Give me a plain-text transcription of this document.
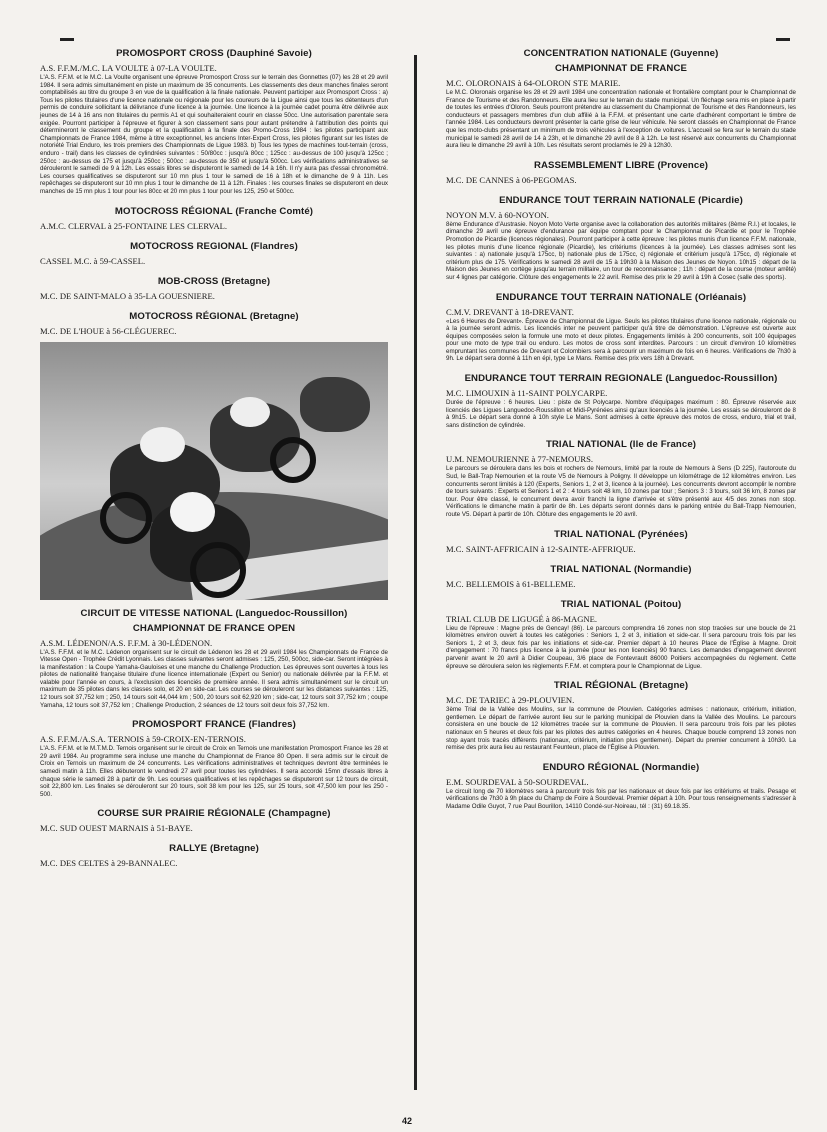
PROMOSPORT CROSS (Dauphiné Savoie)

A.S. F.F.M./M.C. LA VOULTE à 07-LA VOULTE.

L'A.S. F.F.M. et le M.C. La Voulte organisent une épreuve Promosport Cross sur le terrain des Gonnettes (07) les 28 et 29 avril 1984. Il sera admis simultanément en piste un maximum de 35 concurrents. Les classements des deux manches finales seront comptabilisés au titre du groupe 3 en vue de la qualification à la finale nationale. Peuvent participer aux Promosport Cross : a) Tous les pilotes titulaires d'une licence nationale ou régionale pour les coureurs de la Ligue ainsi que tous les détenteurs d'un permis de conduire sollicitant la délivrance d'une licence à la journée. Une licence à la journée cadet pourra être délivrée aux jeunes de 14 à 16 ans non titulaires du permis A1 et qui souhaiteraient courir en classe 50cc. Une autorisation parentale sera exigée. Pourront participer à l'épreuve et figurer à son classement sans pour autant prétendre à l'attribution des points qui détermineront le classement du groupe et la qualification à la finale des Promo-Cross 1984 : les pilotes participant aux Championnats de France 1984, même à titre exceptionnel, les anciens Inter-Expert Cross, les pilotes figurant sur les listes de notoriété Trial Enduro, les trois premiers des Championnats de Ligue 1983. b) Tous les types de machines tout-terrain (cross, enduro - trail) dans les classes de cylindrées suivantes : 50/80cc : jusqu'à 80cc ; 125cc : au-dessus de 100 jusqu'à 125cc ; 250cc : au-dessus de 175 et jusqu'à 250cc ; 500cc : au-dessus de 350 et jusqu'à 500cc. Les vérifications administratives se dérouleront le samedi de 9 à 12h. Les essais libres se disputeront le samedi de 14 à 16h. Il n'y aura pas d'essai chronométré. Les courses qualificatives se disputeront sur 10 mn plus 1 tour le samedi de 16 à 18h et le dimanche de 9 à 11h. Les repêchages se disputeront sur 10 mn plus 1 tour le dimanche de 11 à 12h. Finales : les courses finales se disputeront en deux manches de 15 mn plus 1 tour pour les 80cc et 20 mn plus 1 tour pour les 125, 250 et 500cc.

MOTOCROSS RÉGIONAL (Franche Comté)

A.M.C. CLERVAL à 25-FONTAINE LES CLERVAL.

MOTOCROSS REGIONAL (Flandres)

CASSEL M.C. à 59-CASSEL.

MOB-CROSS (Bretagne)

M.C. DE SAINT-MALO à 35-LA GOUESNIERE.

MOTOCROSS RÉGIONAL (Bretagne)

M.C. DE L'HOUE à 56-CLÉGUEREC.

CIRCUIT DE VITESSE NATIONAL (Languedoc-Roussillon)
CHAMPIONNAT DE FRANCE OPEN

A.S.M. LÉDENON/A.S. F.F.M. à 30-LÉDENON.

L'A.S. F.F.M. et le M.C. Lédenon organisent sur le circuit de Lédenon les 28 et 29 avril 1984 les Championnats de France de Vitesse Open - Trophée Crédit Lyonnais. Les classes suivantes seront admises : 125, 250, 500cc, side-car. Seront intégrées à la manifestation : la Coupe Yamaha-Gauloises et une manche du Challenge Production. Les épreuves sont ouvertes à tous les pilotes de nationalité française titulaire d'une licence internationale (Expert ou Senior) ou nationale délivrée par la F.F.M. et valable pour l'année en cours, à l'exclusion des licenciés de première année. Il sera admis simultanément sur le circuit un maximum de 35 pilotes dans les classes solo, et 20 en side-car. Les courses se dérouleront sur les distances suivantes : 125, 12 tours soit 37,752 km ; 250, 14 tours soit 44,044 km ; 500, 20 tours soit 62,920 km ; side-car, 12 tours soit 37,752 km ; coupe Yamaha, 12 tours soit 37,752 km ; Challenge Production, 2 séances de 12 tours soit deux fois 37,752 km.

PROMOSPORT FRANCE (Flandres)

A.S. F.F.M./A.S.A. TERNOIS à 59-CROIX-EN-TERNOIS.

L'A.S. F.F.M. et le M.T.M.D. Ternois organisent sur le circuit de Croix en Ternois une manifestation Promosport France les 28 et 29 avril 1984. Au programme sera incluse une manche du Championnat de France 80 Open. Il sera admis sur le circuit de Croix en Ternois un maximum de 24 concurrents. Les vérifications administratives et techniques devront être terminées le samedi matin à 11h. Elles débuteront le vendredi 27 avril pour toutes les cylindrées. Il sera accordé 15mn d'essais libres à chaque série le samedi 28 à partir de 9h. Les courses qualificatives et les repêchages se disputeront sur 12 tours de circuit, soit 22,800 km. Les finales se dérouleront sur 20 tours, soit 38 km pour les 125, sur 25 tours, soit 47,500 km pour les 250 - 500.

COURSE SUR PRAIRIE RÉGIONALE (Champagne)

M.C. SUD OUEST MARNAIS à 51-BAYE.

RALLYE (Bretagne)

M.C. DES CELTES à 29-BANNALEC.

CONCENTRATION NATIONALE (Guyenne)
CHAMPIONNAT DE FRANCE

M.C. OLORONAIS à 64-OLORON STE MARIE.

Le M.C. Oloronais organise les 28 et 29 avril 1984 une concentration nationale et frontalière comptant pour le Championnat de France de Tourisme et des Randonneurs. Elle aura lieu sur le terrain du stade municipal. Un fléchage sera mis en place à partir de toutes les entrées d'Oloron. Seuls pourront prétendre au classement du Championnat de Tourisme et des Randonneurs, les conducteurs et passagers membres d'un club affilié à la F.F.M. et présentant une carte d'adhérent comportant le timbre de l'année 1984. Les conducteurs devront présenter la carte grise de leur véhicule. Ne seront classés en Championnat de France que les moto-clubs présentant un minimum de trois véhicules à l'exception de voitures. L'accueil se fera sur le terrain du stade municipal le samedi 28 avril de 14 à 23h, et le dimanche 29 avril de 8 à 12h. Le test réservé aux concurrents du Championnat aura lieu le dimanche 29 avril à 10h. Les résultats seront proclamés le 29 à 12h30.

RASSEMBLEMENT LIBRE (Provence)

M.C. DE CANNES à 06-PEGOMAS.

ENDURANCE TOUT TERRAIN NATIONALE (Picardie)

NOYON M.V. à 60-NOYON.

8ème Endurance d'Austrasie. Noyon Moto Verte organise avec la collaboration des autorités militaires (8ème R.I.) et locales, le dimanche 29 avril une épreuve d'endurance par équipe comptant pour le Championnat de Picardie et pour le Trophée Promotion de Picardie (licences régionales). Pourront participer à cette épreuve : les pilotes munis d'un licence F.F.M. nationale, les pilotes munis d'une licence régionale (Picardie), les critériums (licences à la journée). Les classes admises sont les suivantes : a) nationale jusqu'à 175cc, b) nationale plus de 175cc, c) régionale et critérium jusqu'à 175cc, d) régionale et critérium plus de 175. Vérifications le samedi 28 avril de 15 à 19h30 à la Maison des Jeunes de Noyon. 10h15 : départ de la Maison des Jeunes en cortège jusqu'au terrain militaire, un tour de reconnaissance ; 11h : départ de la course (moteur arrêté) sur 4 lignes par catégorie. Clôture des engagements le 22 avril. Remise des prix le 29 avril à 19h à Cosec (salle des sports).

ENDURANCE TOUT TERRAIN NATIONALE (Orléanais)

C.M.V. DREVANT à 18-DREVANT.

«Les 6 Heures de Drevant». Épreuve de Championnat de Ligue. Seuls les pilotes titulaires d'une licence nationale, régionale ou à la journée seront admis. Les licenciés inter ne peuvent participer qu'à titre de démonstration. L'épreuve est ouverte aux équipes composées selon la formule une moto et deux pilotes. Engagements limités à 200 concurrents, soit 100 équipages pour une moto de type trail ou enduro. Les motos de cross sont interdites. Parcours : un circuit d'environ 10 kilomètres empruntant les communes de Drevant et Colombiers sera à parcourir un maximum de fois en 6 heures. Vérifications de 7h30 à 9h. Le départ sera donné à 11h en épi, type Le Mans. Remise des prix vers 18h à Drevant.

ENDURANCE TOUT TERRAIN REGIONALE (Languedoc-Roussillon)

M.C. LIMOUXIN à 11-SAINT POLYCARPE.

Durée de l'épreuve : 6 heures. Lieu : piste de St Polycarpe. Nombre d'équipages maximum : 80. Épreuve réservée aux licenciés des Ligues Languedoc-Roussillon et Midi-Pyrénées ainsi qu'aux licenciés à la journée. Les essais se dérouleront de 8 à 9h15. Le départ sera donné à 10h style Le Mans. Sont admises à cette épreuve des motos de cross, enduro, trial et trail, sans distinction de cylindrée.

TRIAL NATIONAL (Ile de France)

U.M. NEMOURIENNE à 77-NEMOURS.

Le parcours se déroulera dans les bois et rochers de Nemours, limité par la route de Nemours à Sens (D 225), l'autoroute du Sud, le Ball-Trap Nemourien et la route V5 de Nemours à Poligny. Il développe un kilométrage de 12 kilomètres environ. Les concurrents seront limités à 120 (Experts, Seniors 1, 2 et 3, licence à la journée). Les concurrents devront accomplir le nombre de tours suivants : Experts et Seniors 1 et 2 : 4 tours soit 48 km, 10 zones par tour ; Seniors 3 : 3 tours, soit 36 km, 8 zones par tour. Pour être classé, le concurrent devra avoir franchi la ligne d'arrivée et s'être présenté aux 4/5 des zones non stop. Vérifications le dimanche matin à partir de 8h. Les départs seront donnés dans le parking entrée du Ball-Trapp Nemourien, route V5. Départ à partir de 10h. Clôture des engagements le 20 avril.

TRIAL NATIONAL (Pyrénées)

M.C. SAINT-AFFRICAIN à 12-SAINTE-AFFRIQUE.

TRIAL NATIONAL (Normandie)

M.C. BELLEMOIS à 61-BELLEME.

TRIAL NATIONAL (Poitou)

TRIAL CLUB DE LIGUGÉ à 86-MAGNE.

Lieu de l'épreuve : Magne près de Gencay! (86). Le parcours comprendra 16 zones non stop tracées sur une boucle de 21 kilomètres environ ouvert à toutes les catégories : Seniors 1, 2 et 3, initiation et side-car. Il sera parcouru trois fois par les Seniors 1, 2 et 3, deux fois par les initiations et side-car. Premier départ à 10 heures Place de l'Église à Magne. Droit d'engagement : 70 francs plus licence à la journée (pour les non licenciés) 90 francs. Les demandes d'engagement devront parvenir avant le 20 avril à Didier Coupeau, 3/6 place de Fontevrault 86000 Poitiers accompagnées du règlement. Cette épreuve se déroulera selon les règlements F.F.M. et comptera pour le Championnat de Ligue.

TRIAL RÉGIONAL (Bretagne)

M.C. DE TARIEC à 29-PLOUVIEN.

3ème Trial de la Vallée des Moulins, sur la commune de Plouvien. Catégories admises : nationaux, critérium, initiation, gentlemen. Le départ de l'arrivée auront lieu sur le parking municipal de Plouvien dans la Vallée des Moulins. Le parcours consistera en une boucle de 12 kilomètres tracée sur la commune de Plouvien. Il sera parcouru trois fois par les pilotes nationaux en 5 heures et deux fois par les pilotes des autres catégories en 4 heures. Chaque boucle comprend 13 zones non stop ayant trois tracés différents (nationaux, critérium, initiation plus gentlemen). Départ du premier concurrent à 10h30. La remise des prix aura lieu au restaurant Feunteun, place de l'Église à Plouvien.

ENDURO RÉGIONAL (Normandie)

E.M. SOURDEVAL à 50-SOURDEVAL.

Le circuit long de 70 kilomètres sera à parcourir trois fois par les nationaux et deux fois par les critériums et trails. Pesage et vérifications de 7h30 à 9h place du Champ de Foire à Sourdeval. Premier départ à 10h. Pour tous renseignements s'adresser à Madame Odile Guyot, 7 rue Paul Bourillon, 14110 Condé-sur-Noireau, tél : (31) 69.18.35.

42
